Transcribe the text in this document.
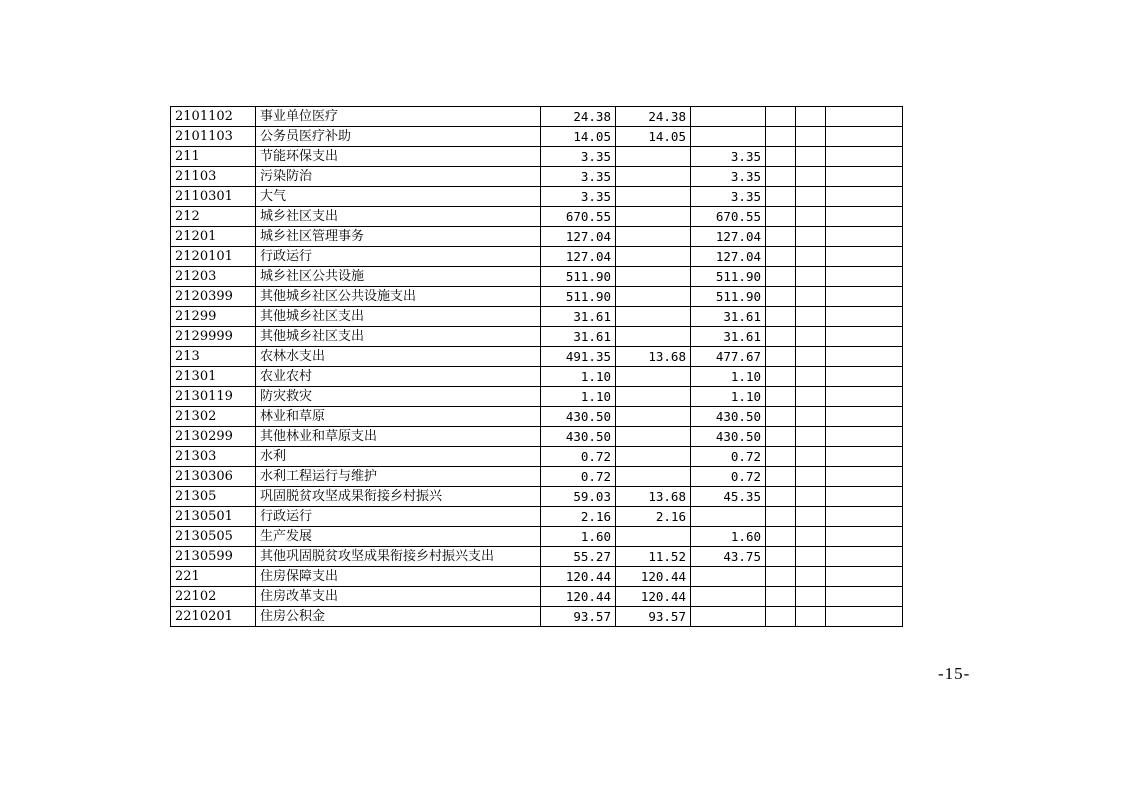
2101102	事业单位医疗	24.38	24.38				
2101103	公务员医疗补助	14.05	14.05				
211	节能环保支出	3.35		3.35			
21103	污染防治	3.35		3.35			
2110301	大气	3.35		3.35			
212	城乡社区支出	670.55		670.55			
21201	城乡社区管理事务	127.04		127.04			
2120101	行政运行	127.04		127.04			
21203	城乡社区公共设施	511.90		511.90			
2120399	其他城乡社区公共设施支出	511.90		511.90			
21299	其他城乡社区支出	31.61		31.61			
2129999	其他城乡社区支出	31.61		31.61			
213	农林水支出	491.35	13.68	477.67			
21301	农业农村	1.10		1.10			
2130119	防灾救灾	1.10		1.10			
21302	林业和草原	430.50		430.50			
2130299	其他林业和草原支出	430.50		430.50			
21303	水利	0.72		0.72			
2130306	水利工程运行与维护	0.72		0.72			
21305	巩固脱贫攻坚成果衔接乡村振兴	59.03	13.68	45.35			
2130501	行政运行	2.16	2.16				
2130505	生产发展	1.60		1.60			
2130599	其他巩固脱贫攻坚成果衔接乡村振兴支出	55.27	11.52	43.75			
221	住房保障支出	120.44	120.44				
22102	住房改革支出	120.44	120.44				
2210201	住房公积金	93.57	93.57				
-15-
